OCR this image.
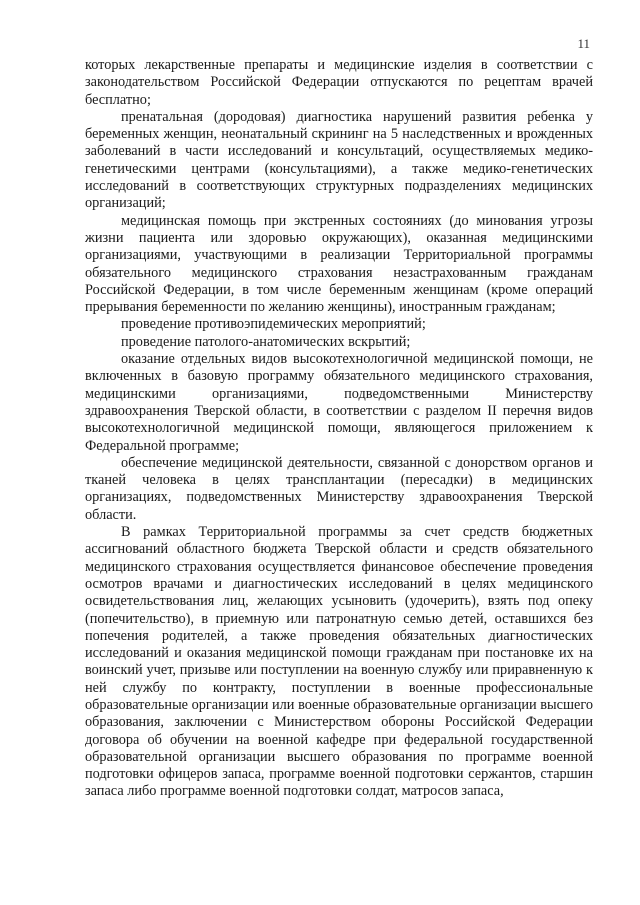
11

которых лекарственные препараты и медицинские изделия в соответствии с законодательством Российской Федерации отпускаются по рецептам врачей бесплатно;

пренатальная (дородовая) диагностика нарушений развития ребенка у беременных женщин, неонатальный скрининг на 5 наследственных и врожденных заболеваний в части исследований и консультаций, осуществляемых медико-генетическими центрами (консультациями), а также медико-генетических исследований в соответствующих структурных подразделениях медицинских организаций;

медицинская помощь при экстренных состояниях (до минования угрозы жизни пациента или здоровью окружающих), оказанная медицинскими организациями, участвующими в реализации Территориальной программы обязательного медицинского страхования незастрахованным гражданам Российской Федерации, в том числе беременным женщинам (кроме операций прерывания беременности по желанию женщины), иностранным гражданам;

проведение противоэпидемических мероприятий;

проведение патолого-анатомических вскрытий;

оказание отдельных видов высокотехнологичной медицинской помощи, не включенных в базовую программу обязательного медицинского страхования, медицинскими организациями, подведомственными Министерству здравоохранения Тверской области, в соответствии с разделом II перечня видов высокотехнологичной медицинской помощи, являющегося приложением к Федеральной программе;

обеспечение медицинской деятельности, связанной с донорством органов и тканей человека в целях трансплантации (пересадки) в медицинских организациях, подведомственных Министерству здравоохранения Тверской области.

В рамках Территориальной программы за счет средств бюджетных ассигнований областного бюджета Тверской области и средств обязательного медицинского страхования осуществляется финансовое обеспечение проведения осмотров врачами и диагностических исследований в целях медицинского освидетельствования лиц, желающих усыновить (удочерить), взять под опеку (попечительство), в приемную или патронатную семью детей, оставшихся без попечения родителей, а также проведения обязательных диагностических исследований и оказания медицинской помощи гражданам при постановке их на воинский учет, призыве или поступлении на военную службу или приравненную к ней службу по контракту, поступлении в военные профессиональные образовательные организации или военные образовательные организации высшего образования, заключении с Министерством обороны Российской Федерации договора об обучении на военной кафедре при федеральной государственной образовательной организации высшего образования по программе военной подготовки офицеров запаса, программе военной подготовки сержантов, старшин запаса либо программе военной подготовки солдат, матросов запаса,
